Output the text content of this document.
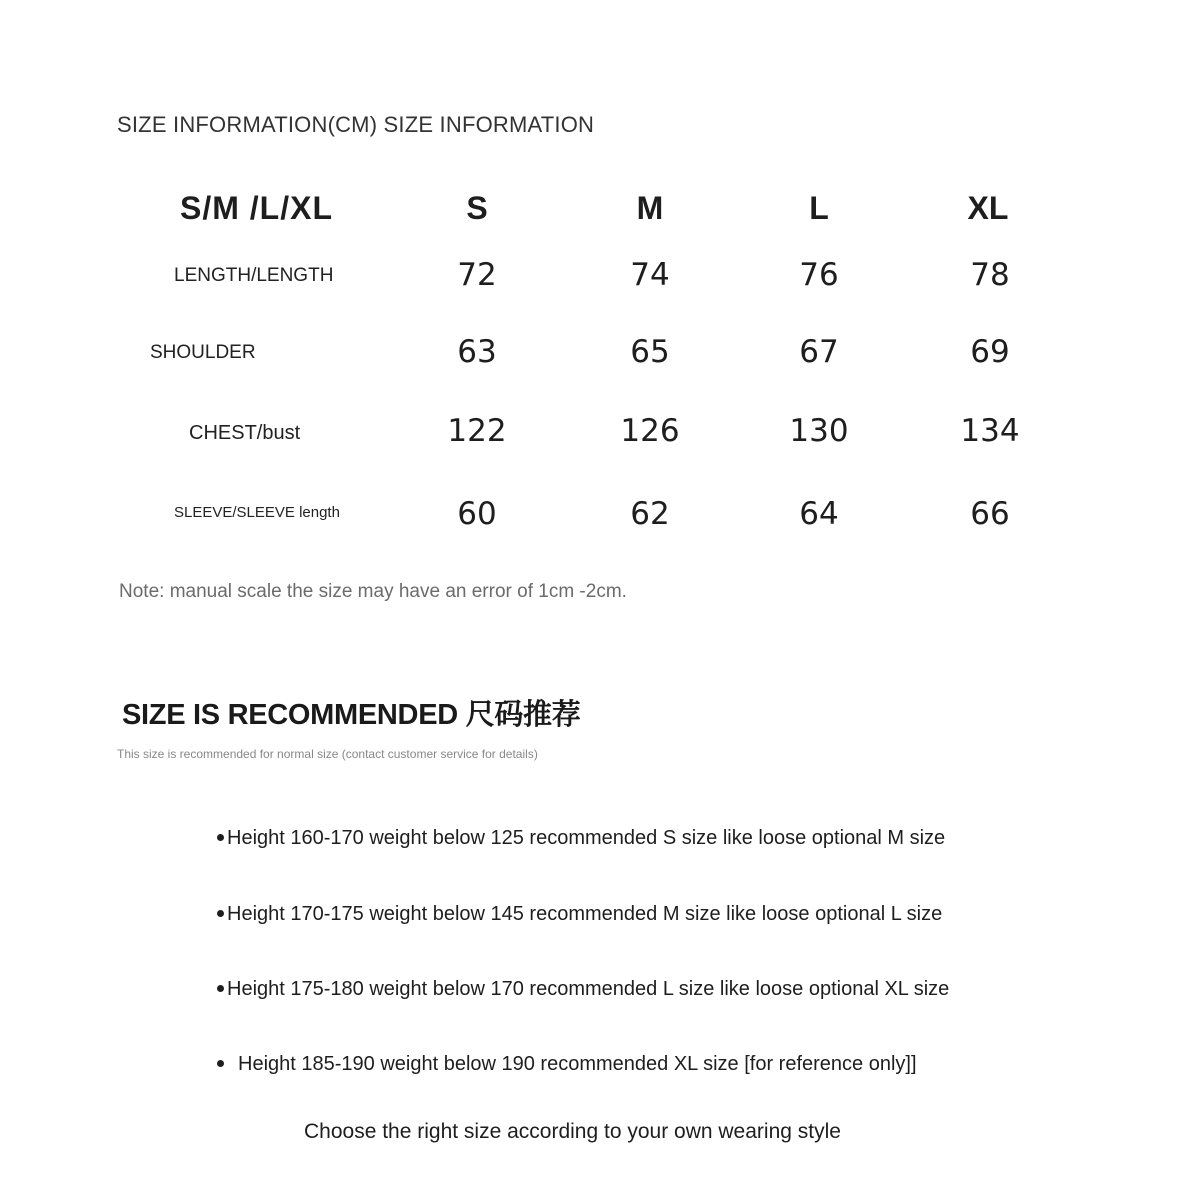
SIZE INFORMATION(CM) SIZE INFORMATION
S/M /L/XL	S	M	L	XL
LENGTH/LENGTH	72	74	76	78
SHOULDER	63	65	67	69
CHEST/bust	122	126	130	134
SLEEVE/SLEEVE length	60	62	64	66
Note: manual scale the size may have an error of 1cm -2cm.
SIZE IS RECOMMENDED 尺码推荐
This size is recommended for normal size (contact customer service for details)
Height 160-170 weight below 125 recommended S size like loose optional M size
Height 170-175 weight below 145 recommended M size like loose optional L size
Height 175-180 weight below 170 recommended L size like loose optional XL size
Height 185-190 weight below 190 recommended XL size [for reference only]]
Choose the right size according to your own wearing style
